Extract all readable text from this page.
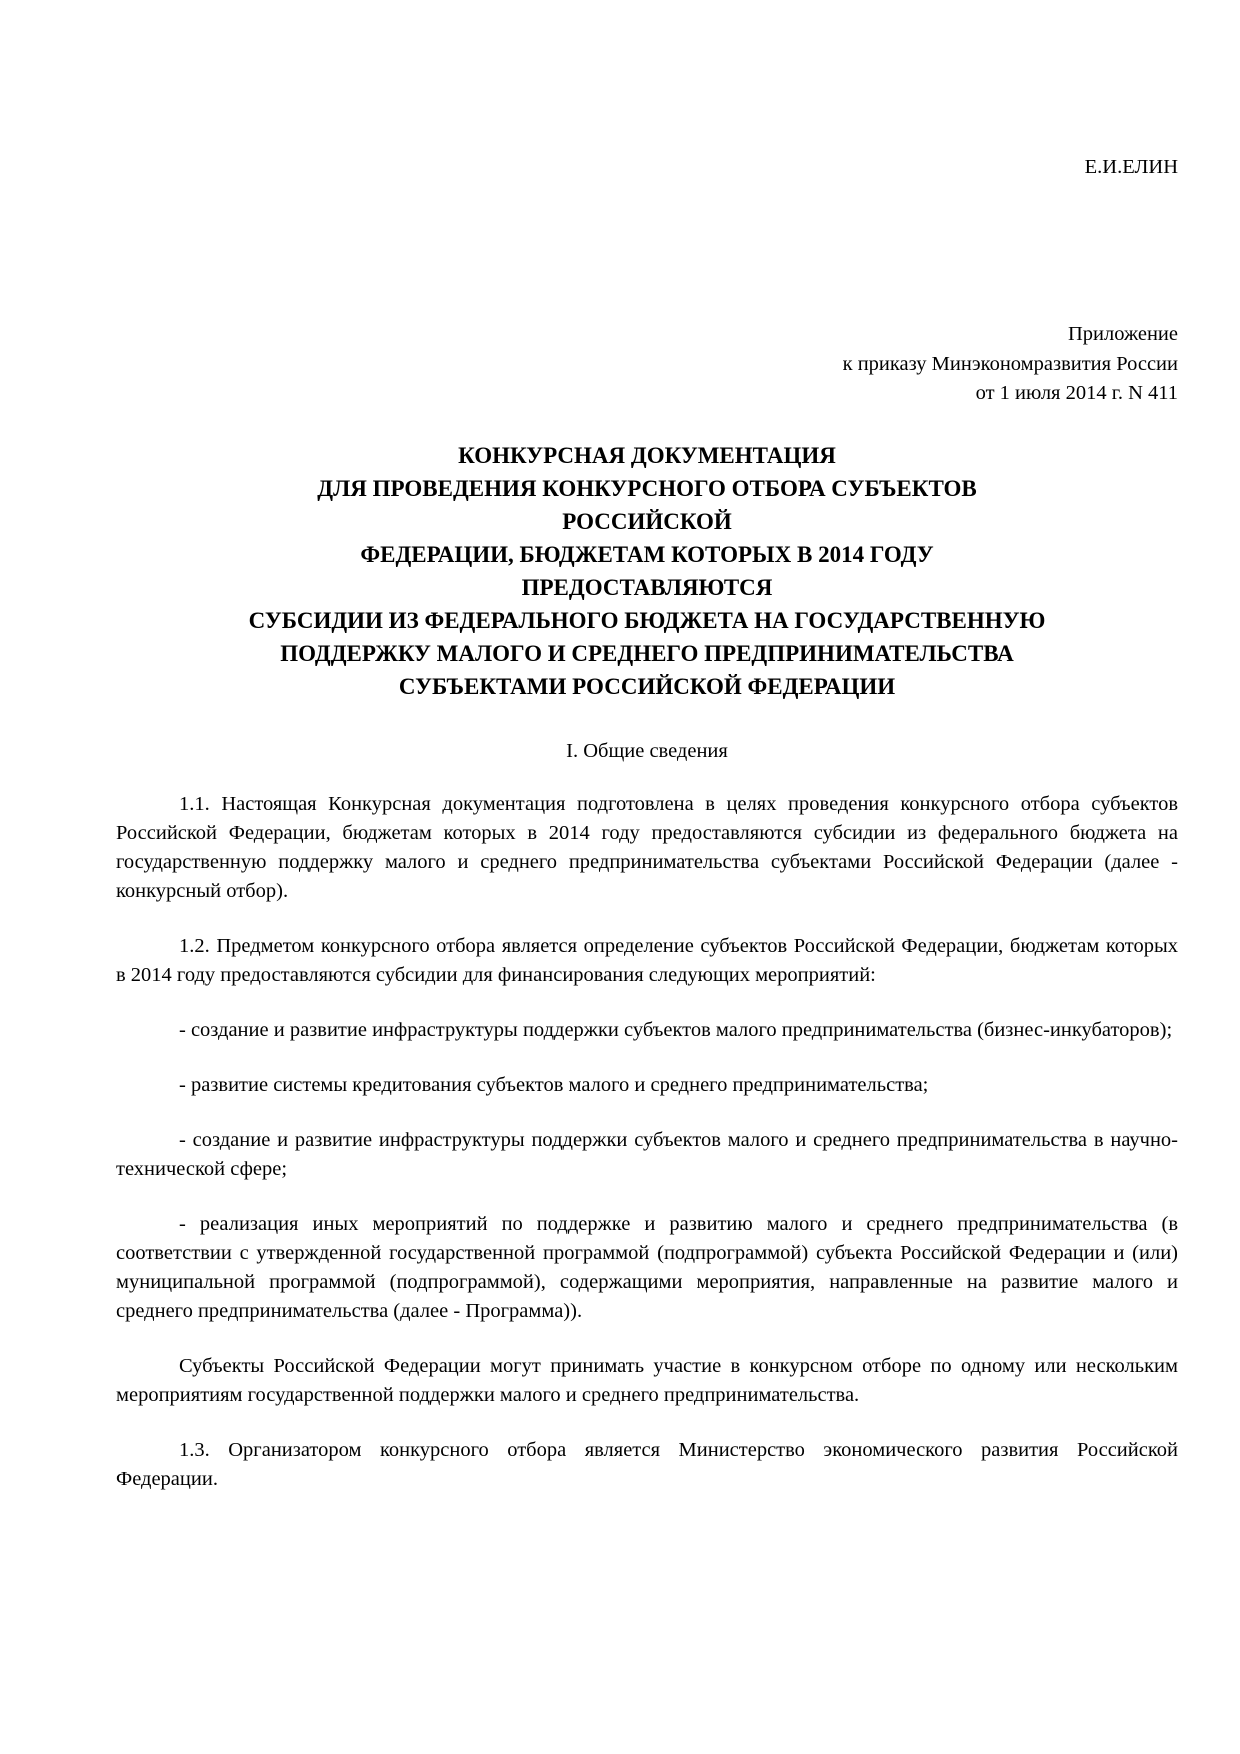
Е.И.ЕЛИН
Приложение
к приказу Минэкономразвития России
от 1 июля 2014 г. N 411
КОНКУРСНАЯ ДОКУМЕНТАЦИЯ
ДЛЯ ПРОВЕДЕНИЯ КОНКУРСНОГО ОТБОРА СУБЪЕКТОВ
РОССИЙСКОЙ
ФЕДЕРАЦИИ, БЮДЖЕТАМ КОТОРЫХ В 2014 ГОДУ
ПРЕДОСТАВЛЯЮТСЯ
СУБСИДИИ ИЗ ФЕДЕРАЛЬНОГО БЮДЖЕТА НА ГОСУДАРСТВЕННУЮ
ПОДДЕРЖКУ МАЛОГО И СРЕДНЕГО ПРЕДПРИНИМАТЕЛЬСТВА
СУБЪЕКТАМИ РОССИЙСКОЙ ФЕДЕРАЦИИ
I. Общие сведения

1.1. Настоящая Конкурсная документация подготовлена в целях проведения конкурсного отбора субъектов Российской Федерации, бюджетам которых в 2014 году предоставляются субсидии из федерального бюджета на государственную поддержку малого и среднего предпринимательства субъектами Российской Федерации (далее - конкурсный отбор).

1.2. Предметом конкурсного отбора является определение субъектов Российской Федерации, бюджетам которых в 2014 году предоставляются субсидии для финансирования следующих мероприятий:

- создание и развитие инфраструктуры поддержки субъектов малого предпринимательства (бизнес-инкубаторов);

- развитие системы кредитования субъектов малого и среднего предпринимательства;

- создание и развитие инфраструктуры поддержки субъектов малого и среднего предпринимательства в научно-технической сфере;

- реализация иных мероприятий по поддержке и развитию малого и среднего предпринимательства (в соответствии с утвержденной государственной программой (подпрограммой) субъекта Российской Федерации и (или) муниципальной программой (подпрограммой), содержащими мероприятия, направленные на развитие малого и среднего предпринимательства (далее - Программа)).

Субъекты Российской Федерации могут принимать участие в конкурсном отборе по одному или нескольким мероприятиям государственной поддержки малого и среднего предпринимательства.

1.3. Организатором конкурсного отбора является Министерство экономического развития Российской Федерации.
